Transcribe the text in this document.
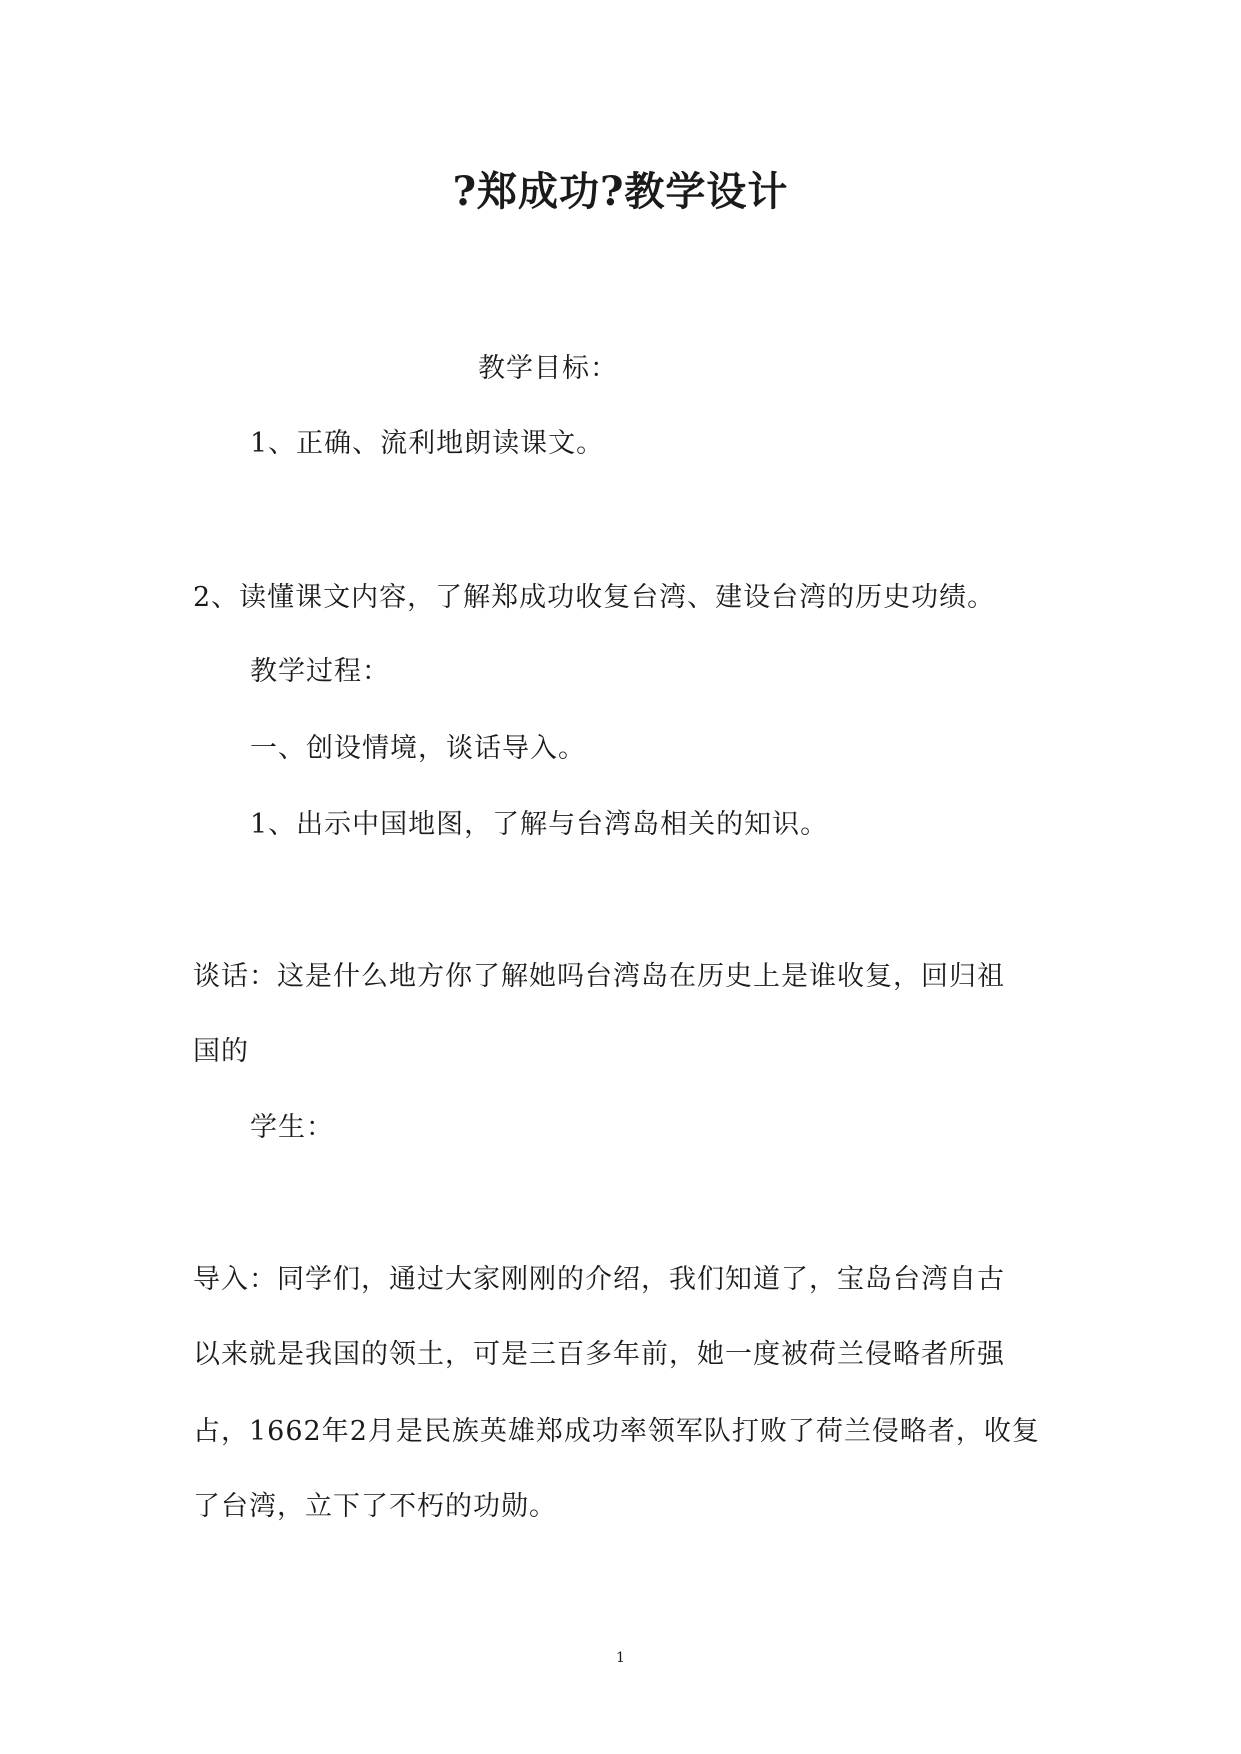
?郑成功?教学设计
教学目标：
1、正确、流利地朗读课文。
2、读懂课文内容，了解郑成功收复台湾、建设台湾的历史功绩。
教学过程：
一、创设情境，谈话导入。
1、出示中国地图，了解与台湾岛相关的知识。
谈话：这是什么地方你了解她吗台湾岛在历史上是谁收复，回归祖
国的
学生：
导入：同学们，通过大家刚刚的介绍，我们知道了，宝岛台湾自古
以来就是我国的领土，可是三百多年前，她一度被荷兰侵略者所强
占，1662年2月是民族英雄郑成功率领军队打败了荷兰侵略者，收复
了台湾，立下了不朽的功勋。
1
